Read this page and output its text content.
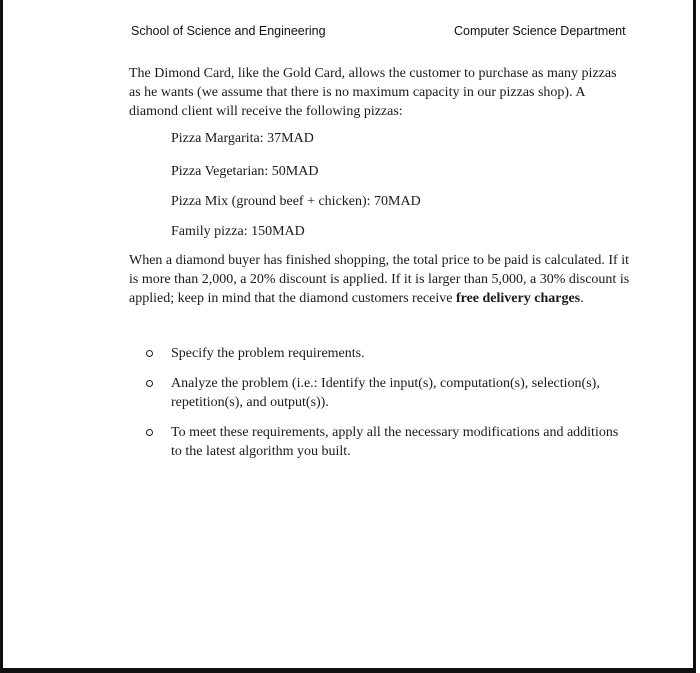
School of Science and Engineering	Computer Science Department

The Dimond Card, like the Gold Card, allows the customer to purchase as many pizzas as he wants (we assume that there is no maximum capacity in our pizzas shop). A diamond client will receive the following pizzas:

Pizza Margarita: 37MAD
Pizza Vegetarian: 50MAD
Pizza Mix (ground beef + chicken): 70MAD
Family pizza: 150MAD

When a diamond buyer has finished shopping, the total price to be paid is calculated. If it is more than 2,000, a 20% discount is applied. If it is larger than 5,000, a 30% discount is applied; keep in mind that the diamond customers receive free delivery charges.

Specify the problem requirements.
Analyze the problem (i.e.: Identify the input(s), computation(s), selection(s), repetition(s), and output(s)).
To meet these requirements, apply all the necessary modifications and additions to the latest algorithm you built.
